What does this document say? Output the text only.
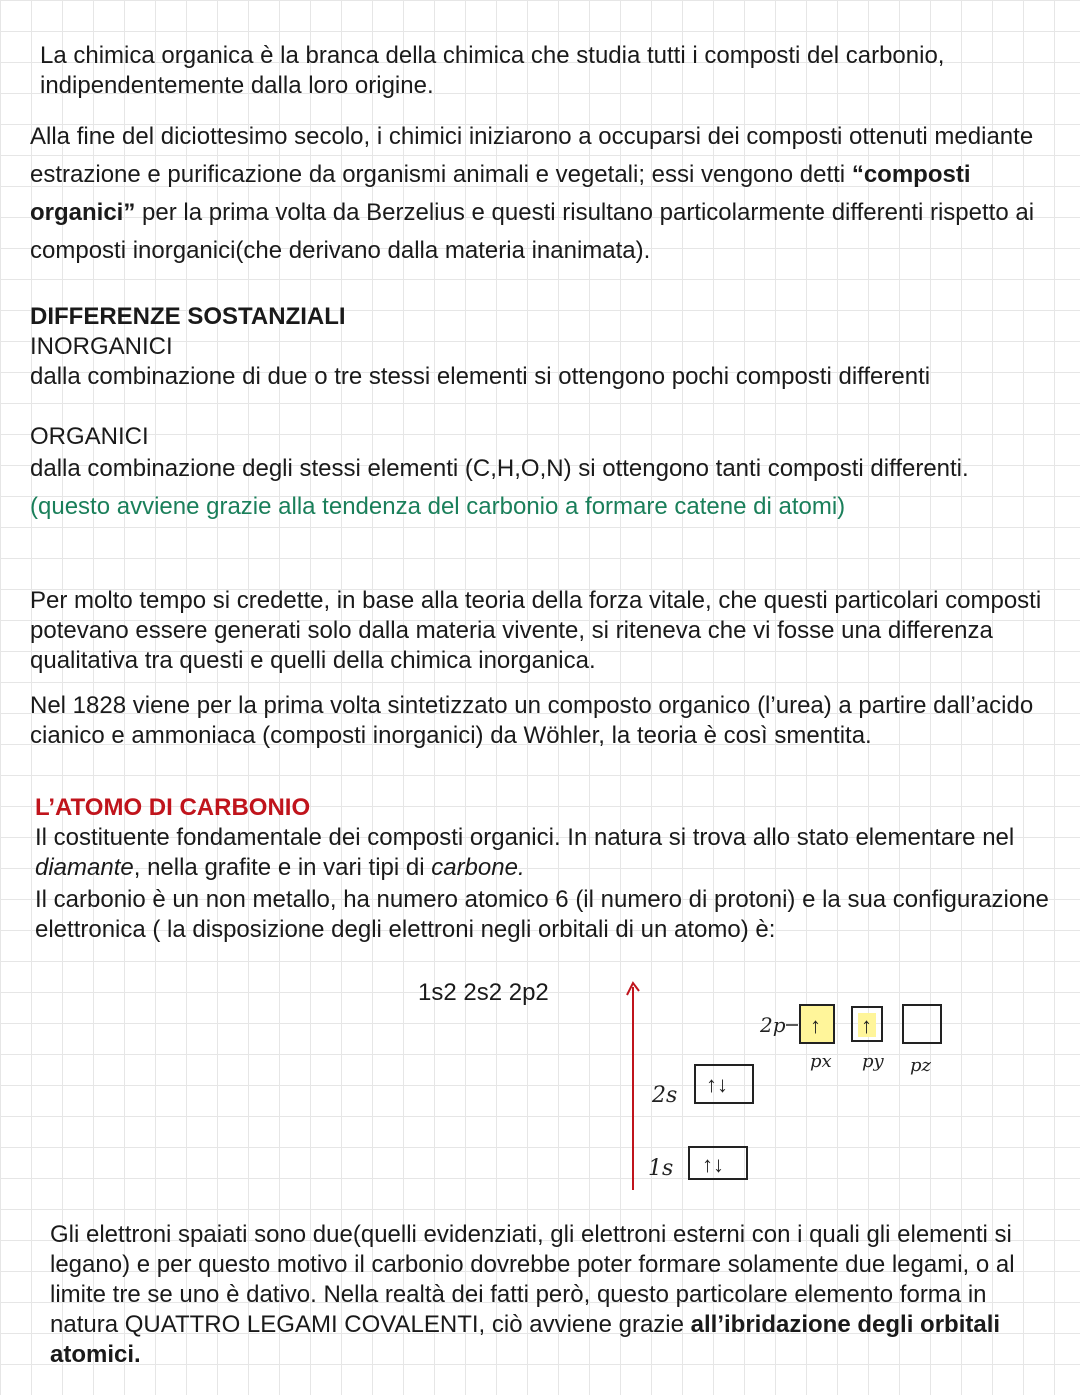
La chimica organica è la branca della chimica che studia tutti i composti del carbonio, indipendentemente dalla loro origine.

Alla fine del diciottesimo secolo, i chimici iniziarono a occuparsi dei composti ottenuti mediante estrazione e purificazione da organismi animali e vegetali; essi vengono detti “composti organici” per la prima volta da Berzelius e questi risultano particolarmente differenti rispetto ai composti inorganici(che derivano dalla materia inanimata).

DIFFERENZE SOSTANZIALI
INORGANICI
dalla combinazione di due o tre stessi elementi si ottengono pochi composti differenti
ORGANICI
dalla combinazione degli stessi elementi (C,H,O,N) si ottengono tanti composti differenti. (questo avviene grazie alla tendenza del carbonio a formare catene di atomi)

Per molto tempo si credette, in base alla teoria della forza vitale, che questi particolari composti potevano essere generati solo dalla materia vivente, si riteneva che vi fosse una differenza qualitativa tra questi e quelli della chimica inorganica.

Nel 1828 viene per la prima volta sintetizzato un composto organico (l’urea) a partire dall’acido cianico e ammoniaca (composti inorganici) da Wöhler, la teoria è così smentita.

L’ATOMO DI CARBONIO
Il costituente fondamentale dei composti organici. In natura si trova allo stato elementare nel diamante, nella grafite e in vari tipi di carbone.
Il carbonio è un non metallo, ha numero atomico 6 (il numero di protoni) e la sua configurazione elettronica ( la disposizione degli elettroni negli orbitali di un atomo) è:
1s2 2s2 2p2
1s ↑↓
2s ↑↓
2p ↑ ↑
px py pz

Gli elettroni spaiati sono due(quelli evidenziati, gli elettroni esterni con i quali gli elementi si legano) e per questo motivo il carbonio dovrebbe poter formare solamente due legami, o al limite tre se uno è dativo. Nella realtà dei fatti però, questo particolare elemento forma in natura QUATTRO LEGAMI COVALENTI, ciò avviene grazie all’ibridazione degli orbitali atomici.
